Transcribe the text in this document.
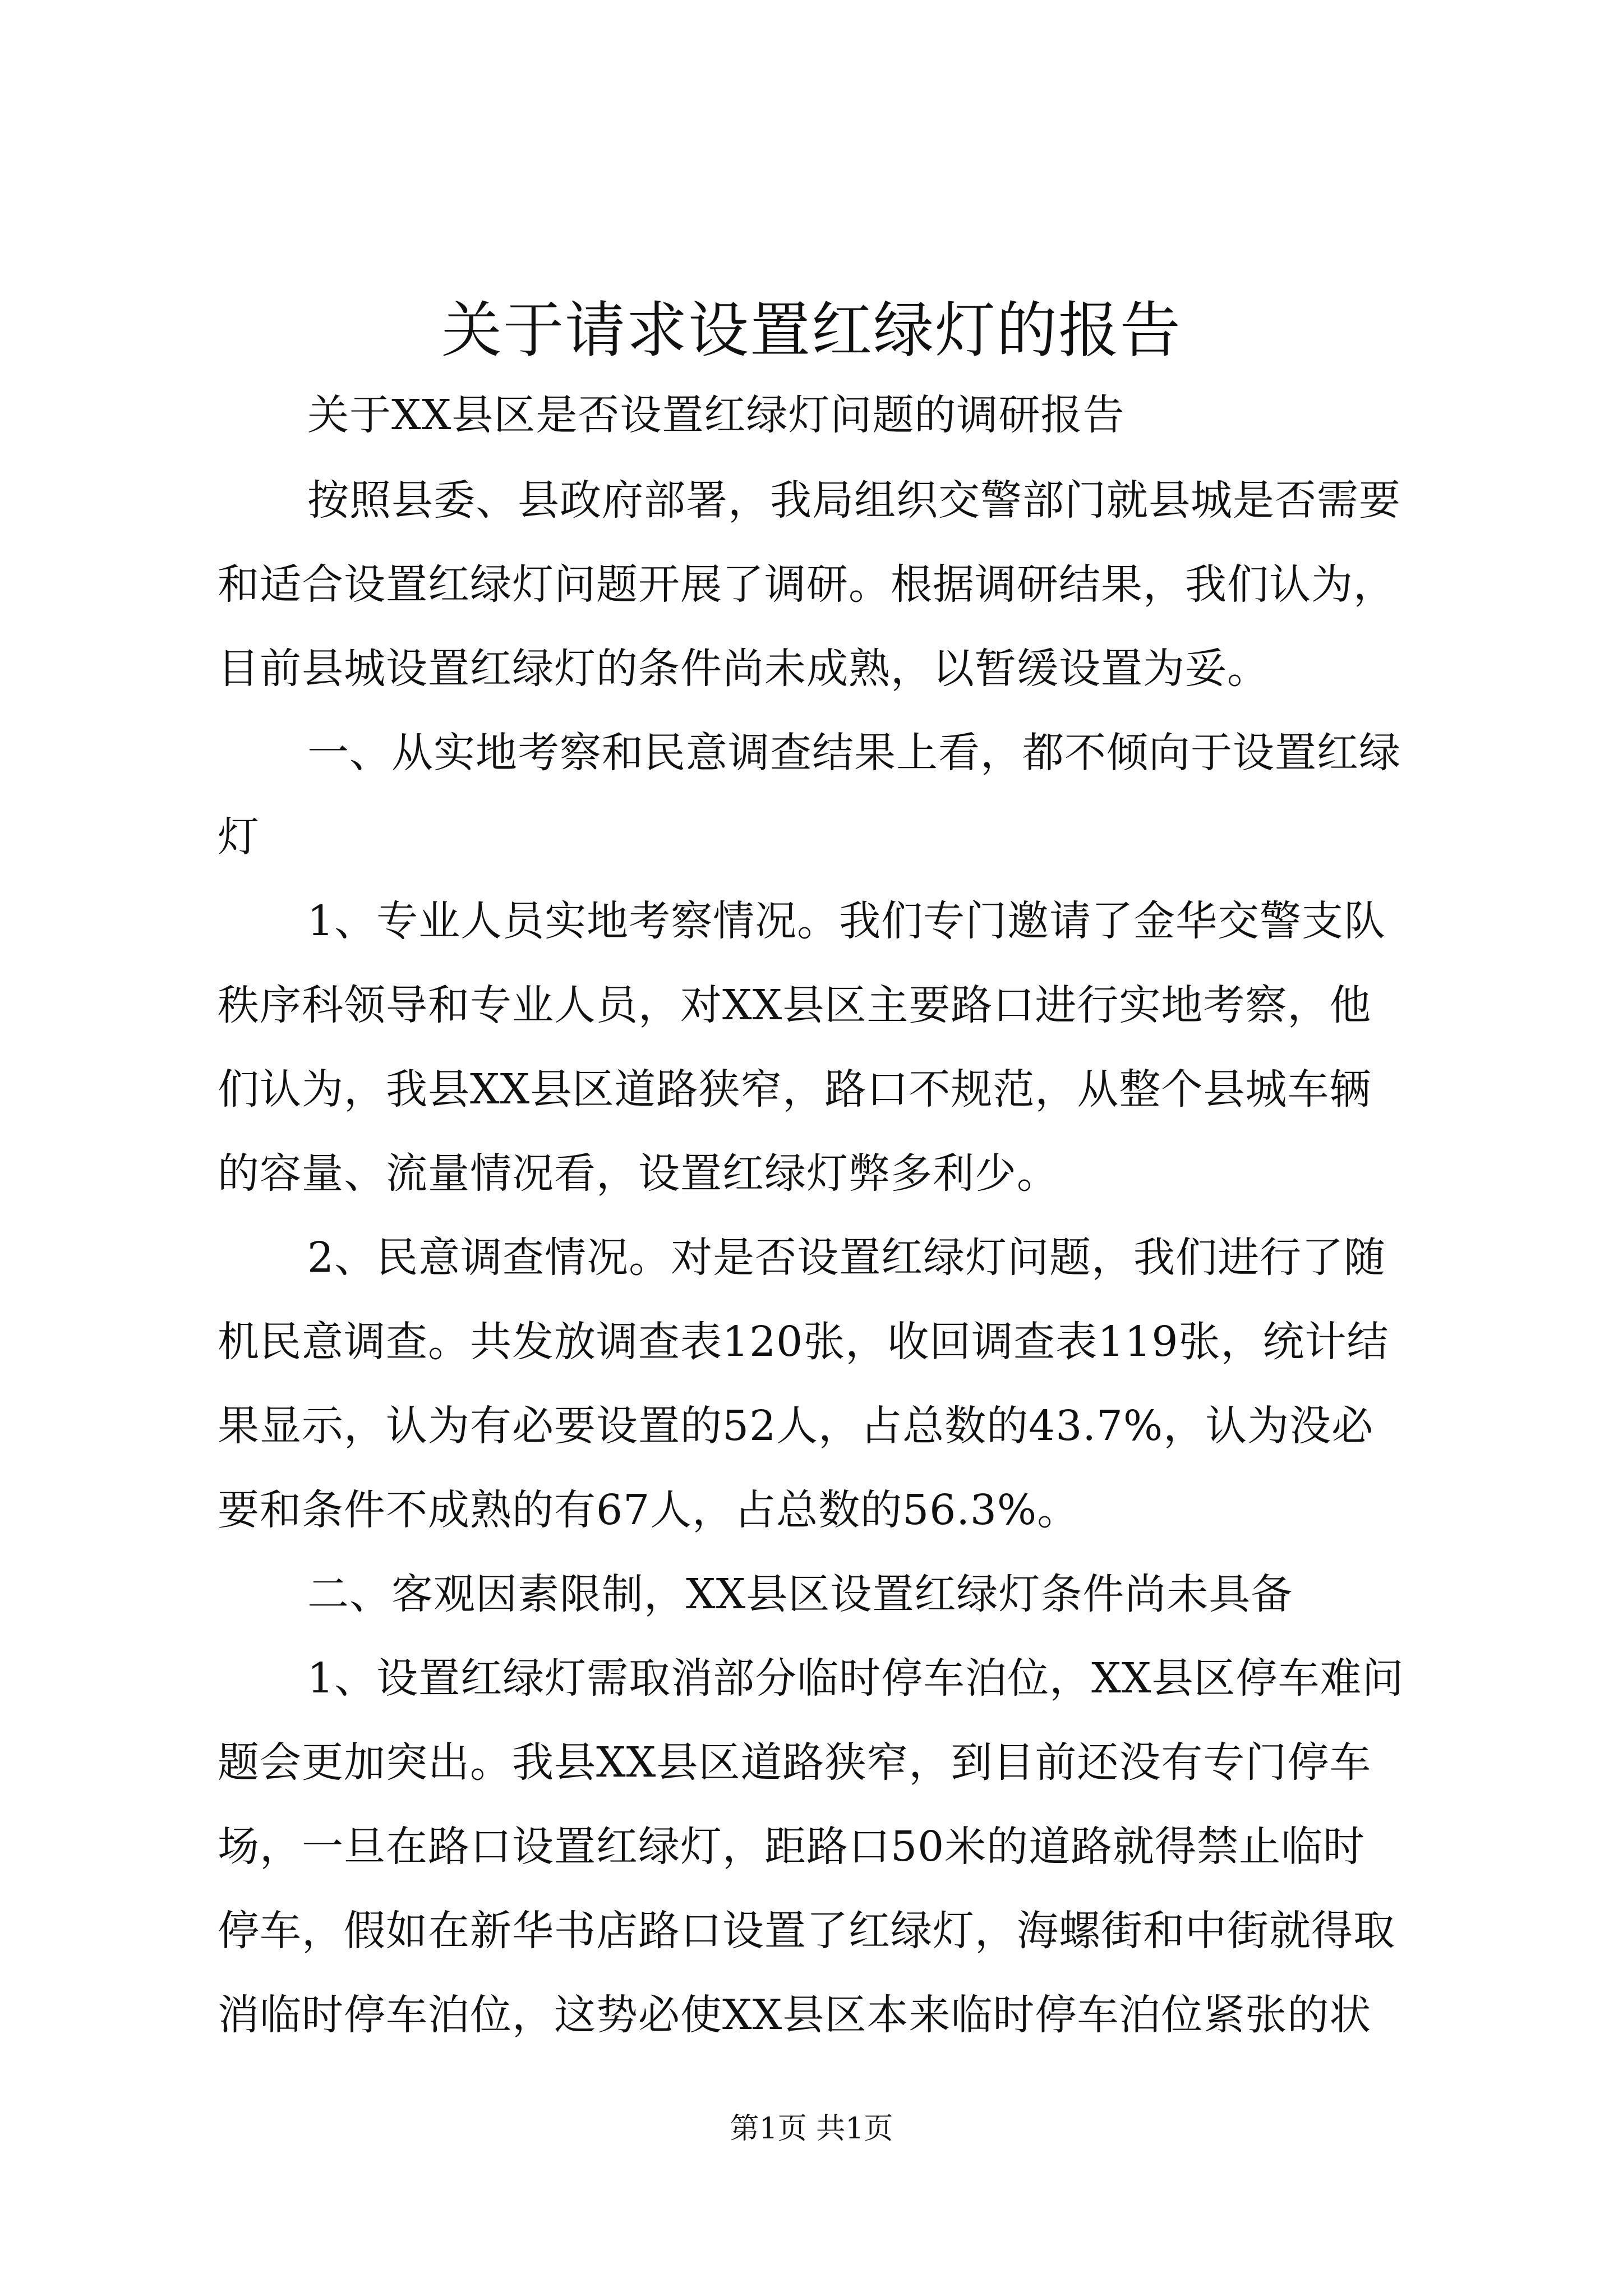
关于请求设置红绿灯的报告
关于XX县区是否设置红绿灯问题的调研报告
按照县委、县政府部署，我局组织交警部门就县城是否需要
和适合设置红绿灯问题开展了调研。根据调研结果，我们认为，
目前县城设置红绿灯的条件尚未成熟，以暂缓设置为妥。
一、从实地考察和民意调查结果上看，都不倾向于设置红绿
灯
1、专业人员实地考察情况。我们专门邀请了金华交警支队
秩序科领导和专业人员，对XX县区主要路口进行实地考察，他
们认为，我县XX县区道路狭窄，路口不规范，从整个县城车辆
的容量、流量情况看，设置红绿灯弊多利少。
2、民意调查情况。对是否设置红绿灯问题，我们进行了随
机民意调查。共发放调查表120张，收回调查表119张，统计结
果显示，认为有必要设置的52人，占总数的43.7%，认为没必
要和条件不成熟的有67人，占总数的56.3%。
二、客观因素限制，XX县区设置红绿灯条件尚未具备
1、设置红绿灯需取消部分临时停车泊位，XX县区停车难问
题会更加突出。我县XX县区道路狭窄，到目前还没有专门停车
场，一旦在路口设置红绿灯，距路口50米的道路就得禁止临时
停车，假如在新华书店路口设置了红绿灯，海螺街和中街就得取
消临时停车泊位，这势必使XX县区本来临时停车泊位紧张的状
第1页 共1页
